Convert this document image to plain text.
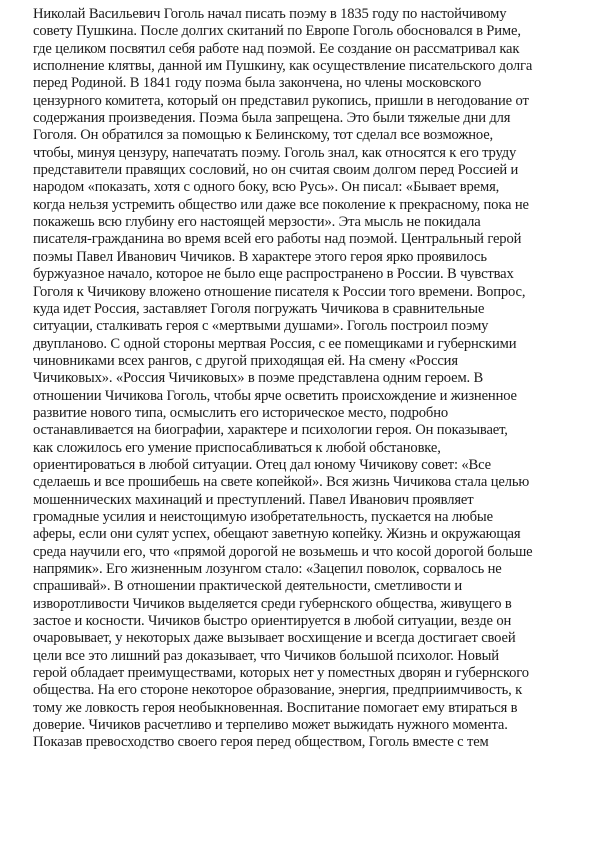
Николай Васильевич Гоголь начал писать поэму в 1835 году по настойчивому
совету Пушкина. После долгих скитаний по Европе Гоголь обосновался в Риме,
где целиком посвятил себя работе над поэмой. Ее создание он рассматривал как
исполнение клятвы, данной им Пушкину, как осуществление писательского долга
перед Родиной. В 1841 году поэма была закончена, но члены московского
цензурного комитета, который он представил рукопись, пришли в негодование от
содержания произведения. Поэма была запрещена. Это были тяжелые дни для
Гоголя. Он обратился за помощью к Белинскому, тот сделал все возможное,
чтобы, минуя цензуру, напечатать поэму. Гоголь знал, как относятся к его труду
представители правящих сословий, но он считая своим долгом перед Россией и
народом «показать, хотя с одного боку, всю Русь». Он писал: «Бывает время,
когда нельзя устремить общество или даже все поколение к прекрасному, пока не
покажешь всю глубину его настоящей мерзости». Эта мысль не покидала
писателя-гражданина во время всей его работы над поэмой. Центральный герой
поэмы Павел Иванович Чичиков. В характере этого героя ярко проявилось
буржуазное начало, которое не было еще распространено в России. В чувствах
Гоголя к Чичикову вложено отношение писателя к России того времени. Вопрос,
куда идет Россия, заставляет Гоголя погружать Чичикова в сравнительные
ситуации, сталкивать героя с «мертвыми душами». Гоголь построил поэму
двупланово. С одной стороны мертвая Россия, с ее помещиками и губернскими
чиновниками всех рангов, с другой приходящая ей. На смену «Россия
Чичиковых». «Россия Чичиковых» в поэме представлена одним героем. В
отношении Чичикова Гоголь, чтобы ярче осветить происхождение и жизненное
развитие нового типа, осмыслить его историческое место, подробно
останавливается на биографии, характере и психологии героя. Он показывает,
как сложилось его умение приспосабливаться к любой обстановке,
ориентироваться в любой ситуации. Отец дал юному Чичикову совет: «Все
сделаешь и все прошибешь на свете копейкой». Вся жизнь Чичикова стала целью
мошеннических махинаций и преступлений. Павел Иванович проявляет
громадные усилия и неистощимую изобретательность, пускается на любые
аферы, если они сулят успех, обещают заветную копейку. Жизнь и окружающая
среда научили его, что «прямой дорогой не возьмешь и что косой дорогой больше
напрямик». Его жизненным лозунгом стало: «Зацепил поволок, сорвалось не
спрашивай». В отношении практической деятельности, сметливости и
изворотливости Чичиков выделяется среди губернского общества, живущего в
застое и косности. Чичиков быстро ориентируется в любой ситуации, везде он
очаровывает, у некоторых даже вызывает восхищение и всегда достигает своей
цели все это лишний раз доказывает, что Чичиков большой психолог. Новый
герой обладает преимуществами, которых нет у поместных дворян и губернского
общества. На его стороне некоторое образование, энергия, предприимчивость, к
тому же ловкость героя необыкновенная. Воспитание помогает ему втираться в
доверие. Чичиков расчетливо и терпеливо может выжидать нужного момента.
Показав превосходство своего героя перед обществом, Гоголь вместе с тем
